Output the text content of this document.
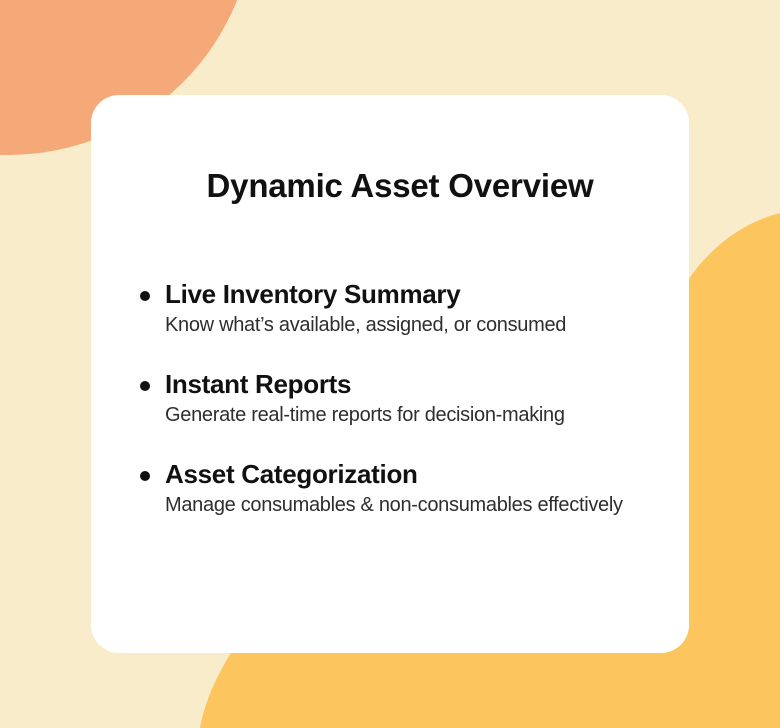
Dynamic Asset Overview
Live Inventory Summary
Know what’s available, assigned, or consumed
Instant Reports
Generate real-time reports for decision-making
Asset Categorization
Manage consumables & non-consumables effectively
